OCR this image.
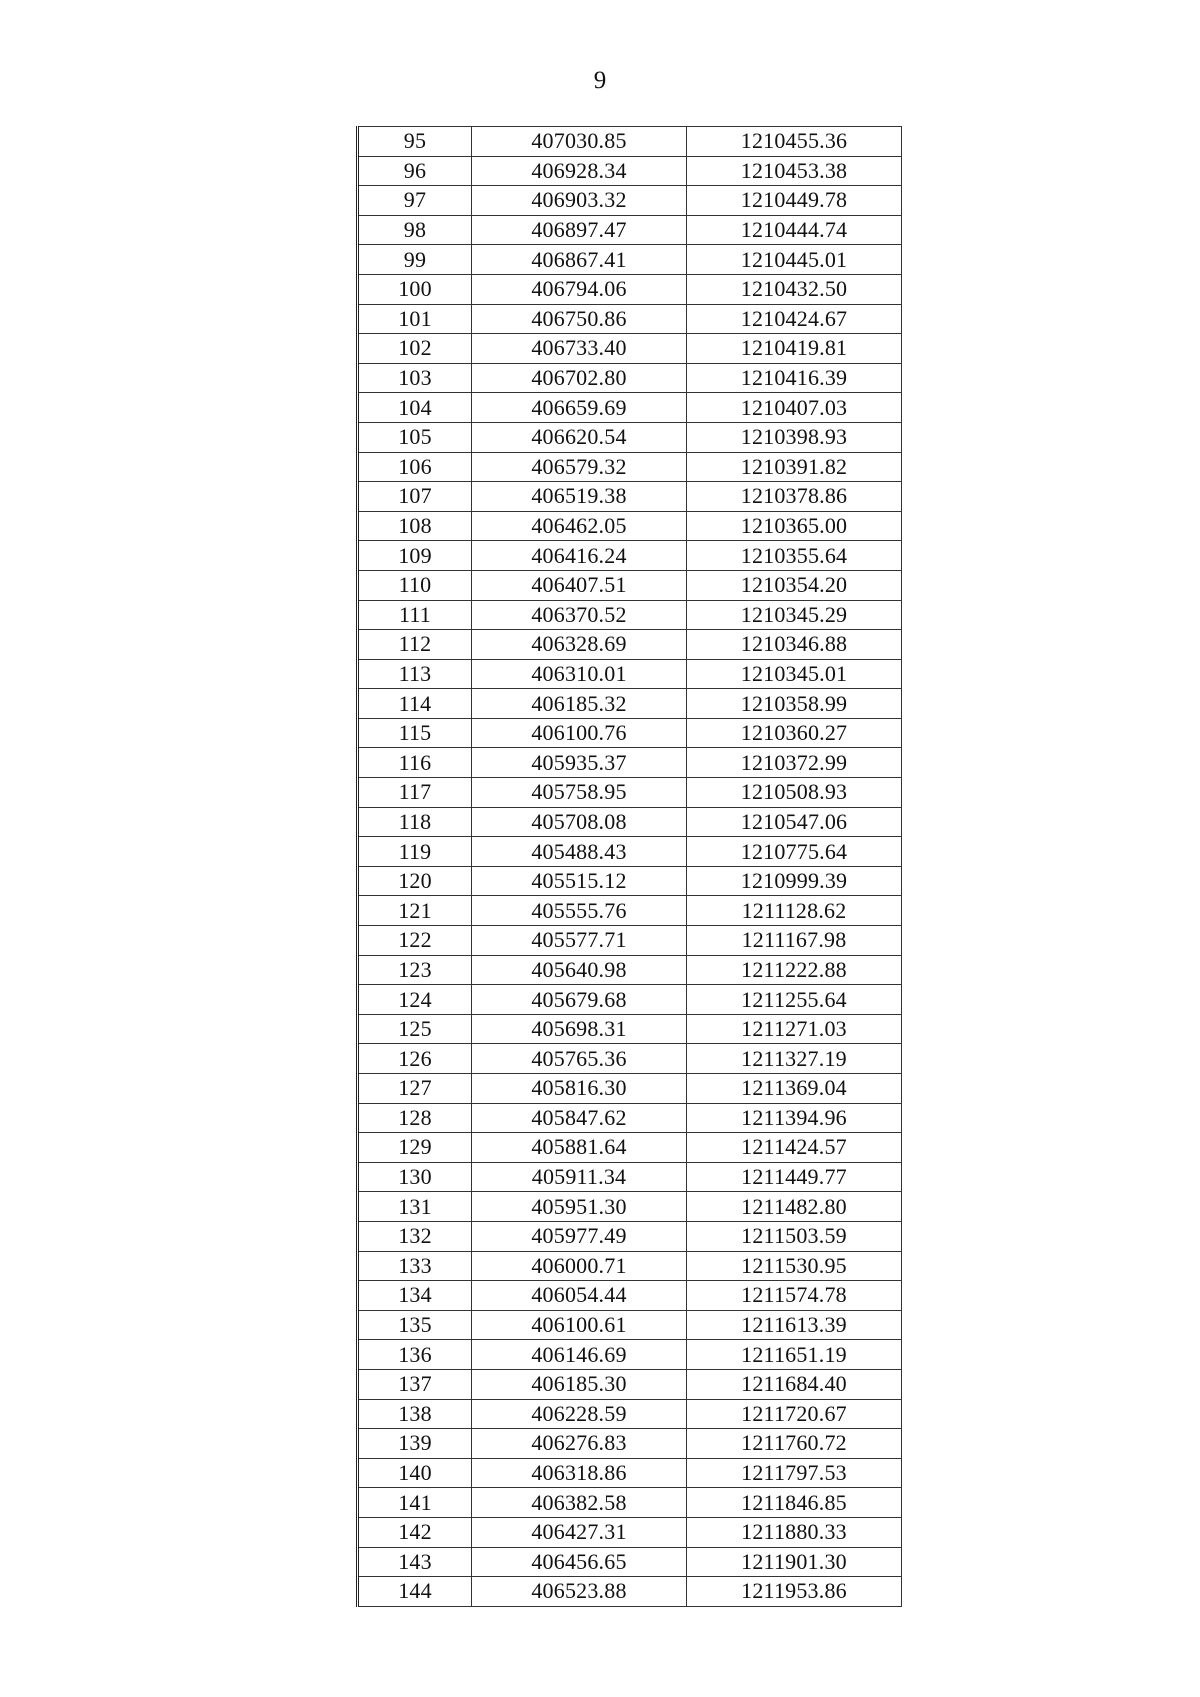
9
95	407030.85	1210455.36
96	406928.34	1210453.38
97	406903.32	1210449.78
98	406897.47	1210444.74
99	406867.41	1210445.01
100	406794.06	1210432.50
101	406750.86	1210424.67
102	406733.40	1210419.81
103	406702.80	1210416.39
104	406659.69	1210407.03
105	406620.54	1210398.93
106	406579.32	1210391.82
107	406519.38	1210378.86
108	406462.05	1210365.00
109	406416.24	1210355.64
110	406407.51	1210354.20
111	406370.52	1210345.29
112	406328.69	1210346.88
113	406310.01	1210345.01
114	406185.32	1210358.99
115	406100.76	1210360.27
116	405935.37	1210372.99
117	405758.95	1210508.93
118	405708.08	1210547.06
119	405488.43	1210775.64
120	405515.12	1210999.39
121	405555.76	1211128.62
122	405577.71	1211167.98
123	405640.98	1211222.88
124	405679.68	1211255.64
125	405698.31	1211271.03
126	405765.36	1211327.19
127	405816.30	1211369.04
128	405847.62	1211394.96
129	405881.64	1211424.57
130	405911.34	1211449.77
131	405951.30	1211482.80
132	405977.49	1211503.59
133	406000.71	1211530.95
134	406054.44	1211574.78
135	406100.61	1211613.39
136	406146.69	1211651.19
137	406185.30	1211684.40
138	406228.59	1211720.67
139	406276.83	1211760.72
140	406318.86	1211797.53
141	406382.58	1211846.85
142	406427.31	1211880.33
143	406456.65	1211901.30
144	406523.88	1211953.86
